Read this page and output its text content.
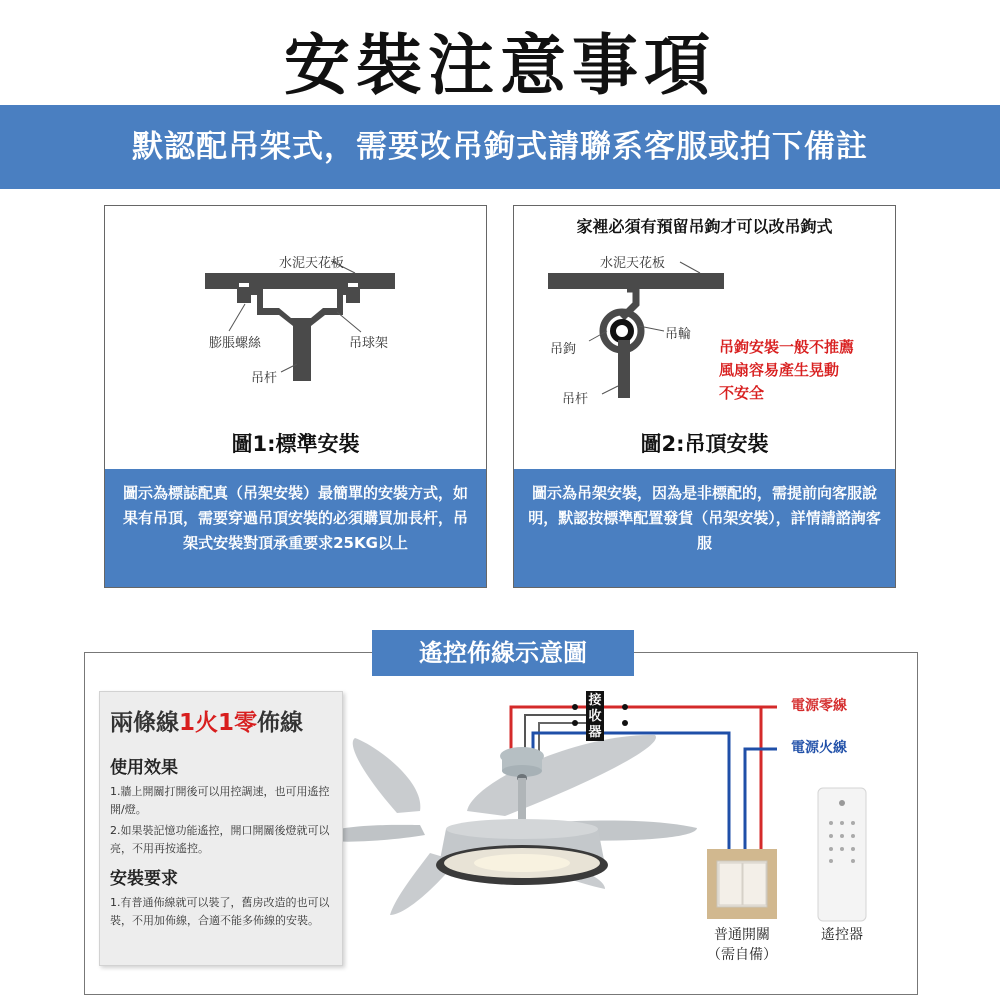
安裝注意事項
默認配吊架式，需要改吊鉤式請聯系客服或拍下備註
水泥天花板
膨脹螺絲	吊球架
吊杆
圖1:標準安裝
圖示為標誌配真（吊架安裝）最簡單的安裝方式，如果有吊頂，需要穿過吊頂安裝的必須購買加長杆，吊架式安裝對頂承重要求25KG以上
家裡必須有預留吊鉤才可以改吊鉤式
水泥天花板
吊鉤
吊輪
吊杆
吊鉤安裝一般不推薦
風扇容易產生晃動
不安全
圖2:吊頂安裝
圖示為吊架安裝，因為是非標配的，需提前向客服說明，默認按標準配置發貨（吊架安裝），詳情請諮詢客服
遙控佈線示意圖
接收器
電源零線
電源火線
普通開關
（需自備）
遙控器
兩條線1火1零佈線
使用效果

1.牆上開關打開後可以用控調速，也可用遙控開/燈。

2.如果裝記憶功能遙控，開口開關後燈就可以亮，不用再按遙控。

安裝要求

1.有普通佈線就可以裝了，舊房改造的也可以裝，不用加佈線，合適不能多佈線的安裝。
